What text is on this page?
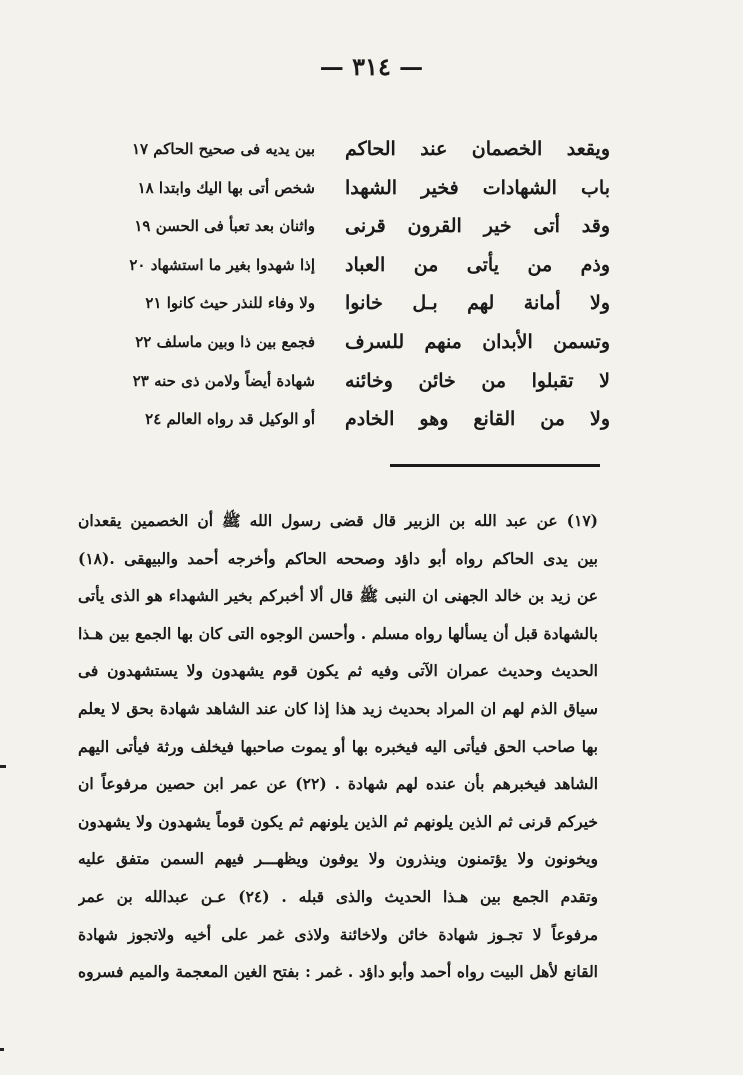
— ٣١٤ —
ويقعد الخصمان عند الحاكم
بين يديه فى صحيح الحاكم ١٧
باب الشهادات فخير الشهدا
شخص أتى بها اليك وابتدا ١٨
وقد أتى خير القرون قرنى
واثنان بعد تعبأ فى الحسن ١٩
وذم من يأتى من العباد
إذا شهدوا بغير ما استشهاد ٢٠
ولا أمانة لهم بـل خانوا
ولا وفاء للنذر حيث كانوا ٢١
وتسمن الأبدان منهم للسرف
فجمع بين ذا وبين ماسلف ٢٢
لا تقبلوا من خائن وخائنه
شهادة أيضاً ولامن ذى حنه ٢٣
ولا من القانع وهو الخادم
أو الوكيل قد رواه العالم ٢٤
(١٧) عن عبد الله بن الزبير قال قضى رسول الله ﷺ أن الخصمين يقعدان
بين يدى الحاكم رواه أبو داؤد وصححه الحاكم وأخرجه أحمد والبيهقى .(١٨)
عن زيد بن خالد الجهنى ان النبى ﷺ قال ألا أخبركم بخير الشهداء هو الذى يأتى
بالشهادة قبل أن يسألها رواه مسلم . وأحسن الوجوه التى كان بها الجمع بين هـذا
الحديث وحديث عمران الآتى وفيه ثم يكون قوم يشهدون ولا يستشهدون فى
سياق الذم لهم ان المراد بحديث زيد هذا إذا كان عند الشاهد شهادة بحق لا يعلم
بها صاحب الحق فيأتى اليه فيخبره بها أو يموت صاحبها فيخلف ورثة فيأتى اليهم
الشاهد فيخبرهم بأن عنده لهم شهادة . (٢٢) عن عمر ابن حصين مرفوعاً ان
خيركم قرنى ثم الذين يلونهم ثم الذين يلونهم ثم يكون قوماً يشهدون ولا يشهدون
ويخونون ولا يؤتمنون وينذرون ولا يوفون ويظهـــر فيهم السمن متفق عليه
وتقدم الجمع بين هـذا الحديث والذى قبله . (٢٤) عـن عبدالله بن عمر
مرفوعاً لا تجـوز شهادة خائن ولاخائنة ولاذى غمر على أخيه ولاتجوز شهادة
القانع لأهل البيت رواه أحمد وأبو داؤد . غمر : بفتح الغين المعجمة والميم فسروه
